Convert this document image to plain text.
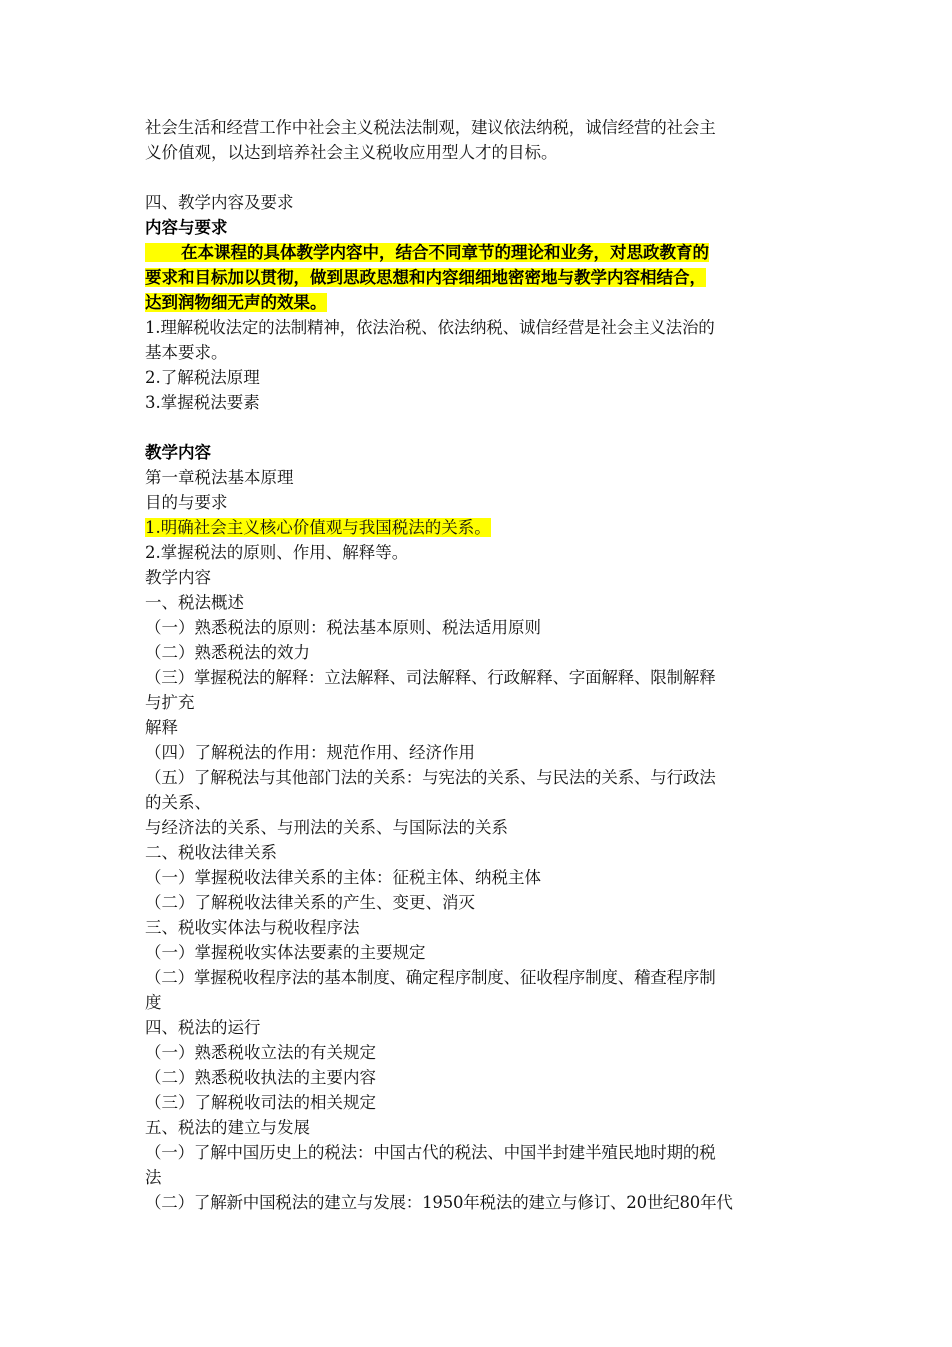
社会生活和经营工作中社会主义税法法制观，建议依法纳税，诚信经营的社会主
义价值观，以达到培养社会主义税收应用型人才的目标。
四、教学内容及要求
内容与要求
在本课程的具体教学内容中，结合不同章节的理论和业务，对思政教育的
要求和目标加以贯彻，做到思政思想和内容细细地密密地与教学内容相结合，
达到润物细无声的效果。
1.理解税收法定的法制精神，依法治税、依法纳税、诚信经营是社会主义法治的
基本要求。
2.了解税法原理
3.掌握税法要素
教学内容
第一章税法基本原理
目的与要求
1.明确社会主义核心价值观与我国税法的关系。
2.掌握税法的原则、作用、解释等。
教学内容
一、税法概述
（一）熟悉税法的原则：税法基本原则、税法适用原则
（二）熟悉税法的效力
（三）掌握税法的解释：立法解释、司法解释、行政解释、字面解释、限制解释
与扩充
解释
（四）了解税法的作用：规范作用、经济作用
（五）了解税法与其他部门法的关系：与宪法的关系、与民法的关系、与行政法
的关系、
与经济法的关系、与刑法的关系、与国际法的关系
二、税收法律关系
（一）掌握税收法律关系的主体：征税主体、纳税主体
（二）了解税收法律关系的产生、变更、消灭
三、税收实体法与税收程序法
（一）掌握税收实体法要素的主要规定
（二）掌握税收程序法的基本制度、确定程序制度、征收程序制度、稽查程序制
度
四、税法的运行
（一）熟悉税收立法的有关规定
（二）熟悉税收执法的主要内容
（三）了解税收司法的相关规定
五、税法的建立与发展
（一）了解中国历史上的税法：中国古代的税法、中国半封建半殖民地时期的税
法
（二）了解新中国税法的建立与发展：1950年税法的建立与修订、20世纪80年代
